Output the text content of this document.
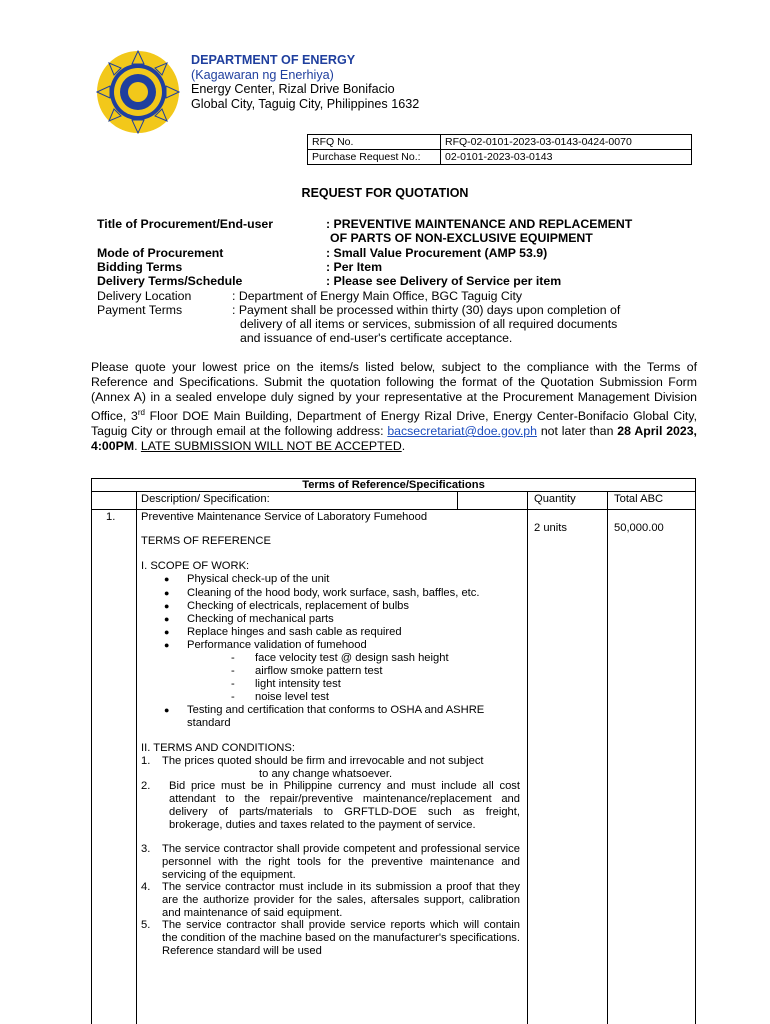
DEPARTMENT OF ENERGY
(Kagawaran ng Enerhiya)
Energy Center, Rizal Drive Bonifacio
Global City, Taguig City, Philippines 1632
RFQ No.	RFQ-02-0101-2023-03-0143-0424-0070
Purchase Request No.:	02-0101-2023-03-0143
REQUEST FOR QUOTATION
Title of Procurement/End-user	: PREVENTIVE MAINTENANCE AND REPLACEMENT
OF PARTS OF NON-EXCLUSIVE EQUIPMENT
Mode of Procurement	: Small Value Procurement (AMP 53.9)
Bidding Terms	: Per Item
Delivery Terms/Schedule	: Please see Delivery of Service per item
Delivery Location	: Department of Energy Main Office, BGC Taguig City
Payment Terms	: Payment shall be processed within thirty (30) days upon completion of
delivery of all items or services, submission of all required documents
and issuance of end-user's certificate acceptance.
Please quote your lowest price on the items/s listed below, subject to the compliance with the Terms of Reference and Specifications. Submit the quotation following the format of the Quotation Submission Form (Annex A) in a sealed envelope duly signed by your representative at the Procurement Management Division Office, 3rd Floor DOE Main Building, Department of Energy Rizal Drive, Energy Center-Bonifacio Global City, Taguig City or through email at the following address: bacsecretariat@doe.gov.ph not later than 28 April 2023, 4:00PM. LATE SUBMISSION WILL NOT BE ACCEPTED.
Terms of Reference/Specifications
Description/ Specification:	Quantity	Total ABC
1. Preventive Maintenance Service of Laboratory Fumehood
2 units	50,000.00
TERMS OF REFERENCE
I. SCOPE OF WORK:
● Physical check-up of the unit
● Cleaning of the hood body, work surface, sash, baffles, etc.
● Checking of electricals, replacement of bulbs
● Checking of mechanical parts
● Replace hinges and sash cable as required
● Performance validation of fumehood
- face velocity test @ design sash height
- airflow smoke pattern test
- light intensity test
- noise level test
● Testing and certification that conforms to OSHA and ASHRE
standard
II. TERMS AND CONDITIONS:
1. The prices quoted should be firm and irrevocable and not subject
to any change whatsoever.
2. Bid price must be in Philippine currency and must include all cost attendant to the repair/preventive maintenance/replacement and delivery of parts/materials to GRFTLD-DOE such as freight, brokerage, duties and taxes related to the payment of service.
3. The service contractor shall provide competent and professional service personnel with the right tools for the preventive maintenance and servicing of the equipment.
4. The service contractor must include in its submission a proof that they are the authorize provider for the sales, aftersales support, calibration and maintenance of said equipment.
5. The service contractor shall provide service reports which will contain the condition of the machine based on the manufacturer's specifications. Reference standard will be used
